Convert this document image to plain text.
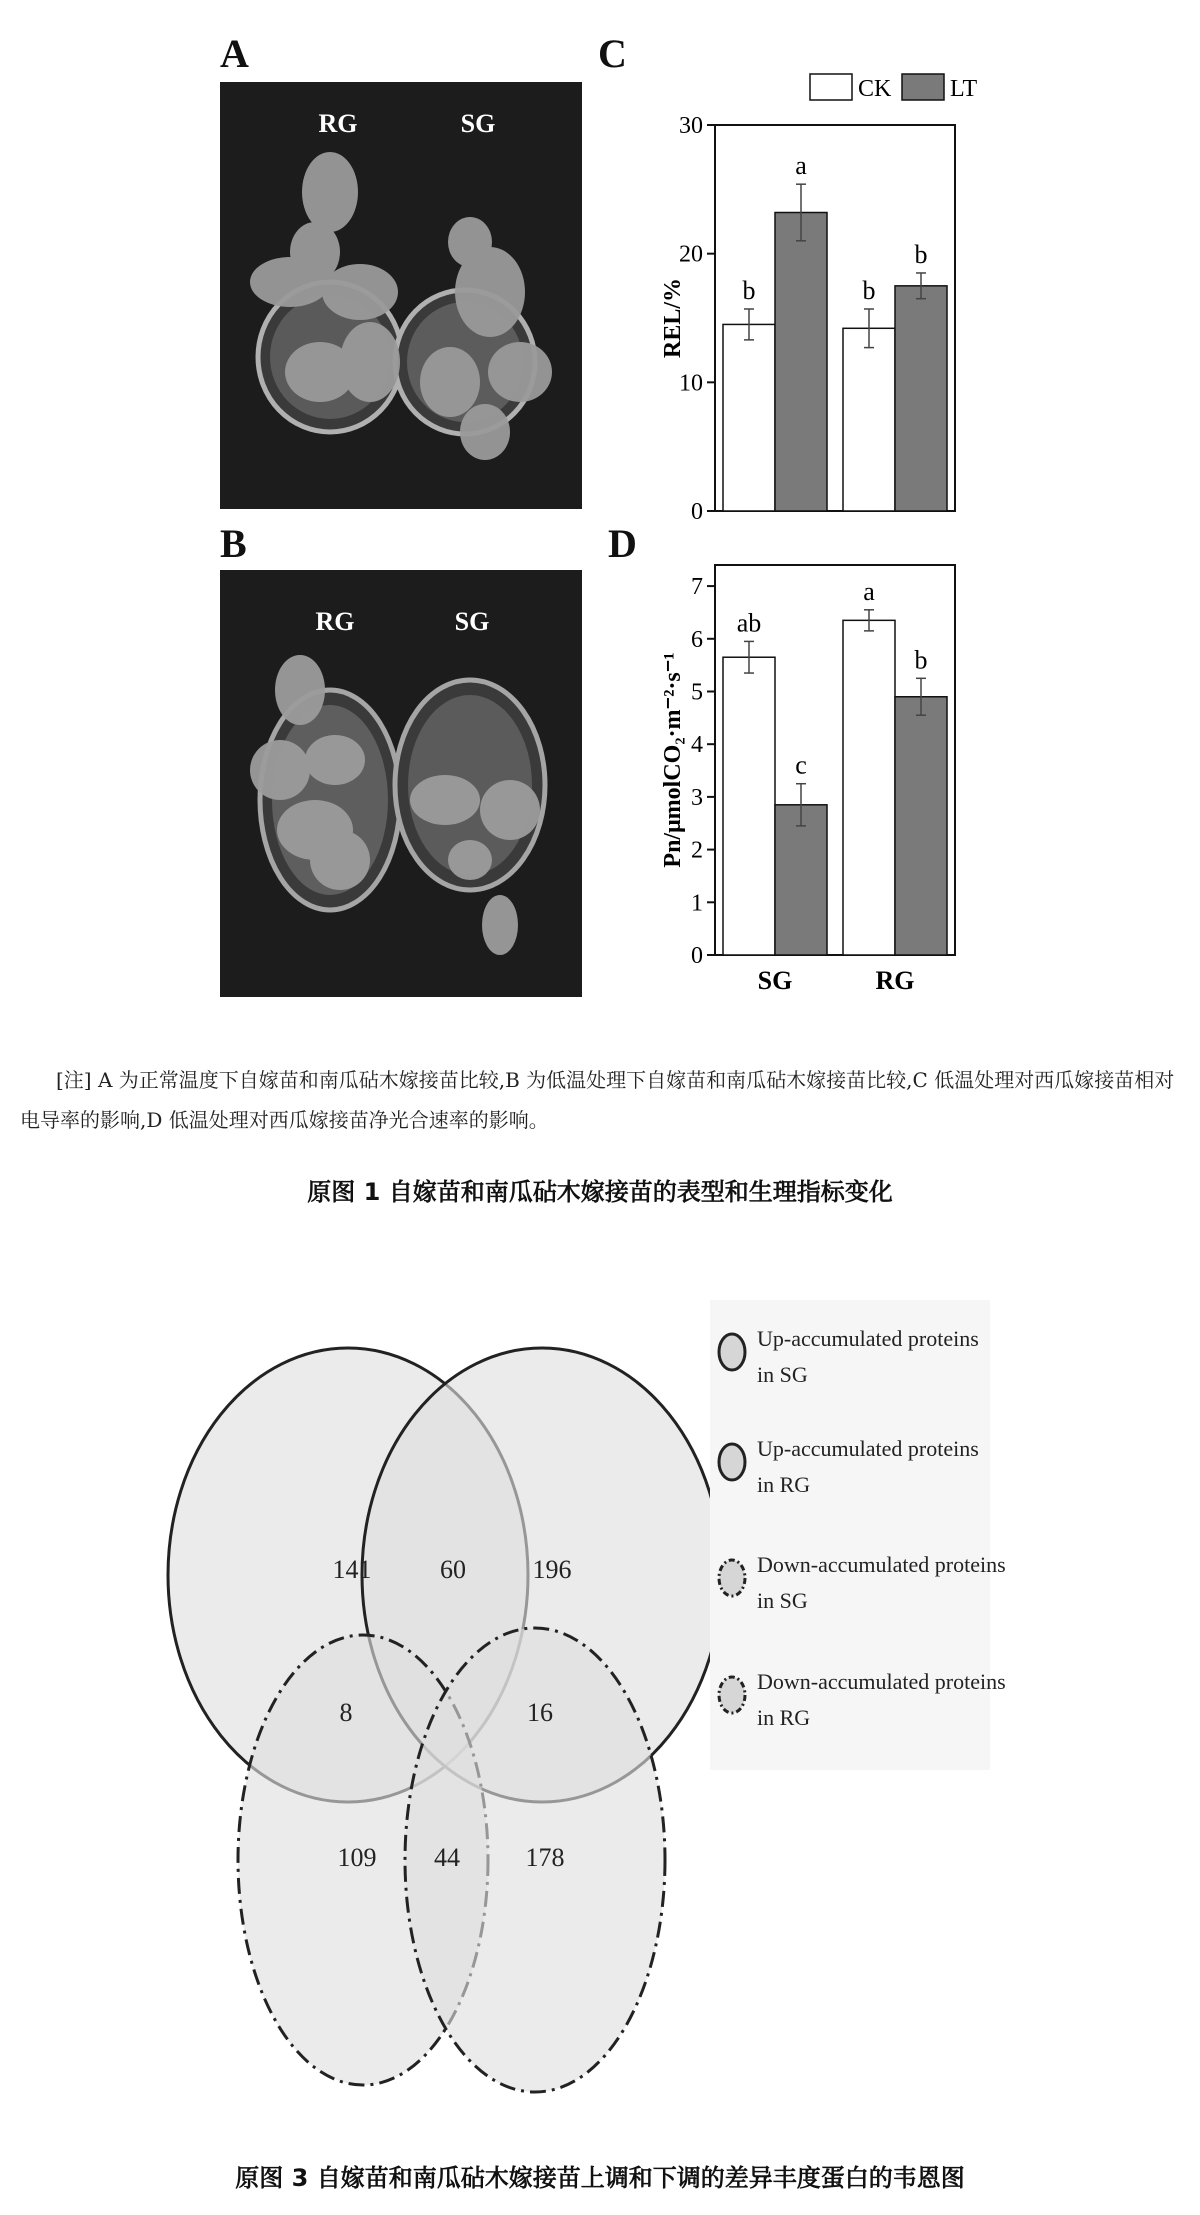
A	C
B	D
RG	SG
RG	SG
0
10
20
30
b
a
b
b
REL/%
CK LT
0
1
2
3
4
5
6
7
ab
c
SG
a
b
RG
Pn/μmolCO₂·m⁻²·s⁻¹
[注] A 为正常温度下自嫁苗和南瓜砧木嫁接苗比较,B 为低温处理下自嫁苗和南瓜砧木嫁接苗比较,C 低温处理对西瓜嫁接苗相对电导率的影响,D 低温处理对西瓜嫁接苗净光合速率的影响。
原图 1 自嫁苗和南瓜砧木嫁接苗的表型和生理指标变化
141	60	196
8	16
109 44	178
Up-accumulated proteins
in SG
Up-accumulated proteins
in RG
Down-accumulated proteins
in SG
Down-accumulated proteins
in RG
原图 3 自嫁苗和南瓜砧木嫁接苗上调和下调的差异丰度蛋白的韦恩图
